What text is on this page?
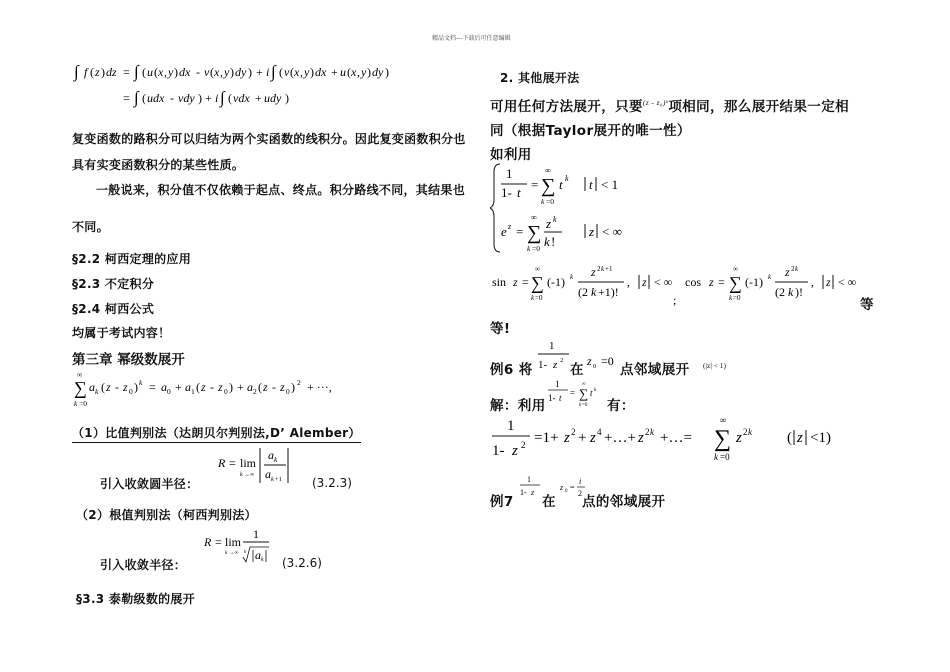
精品文档---下载后可任意编辑
∫ f ( z ) dz = ∫ ( u ( x , y ) dx - v ( x , y ) dy ) + i ∫ ( v ( x , y ) dx + u ( x , y ) dy )
= ∫ ( udx - vdy ) + i ∫ ( vdx + udy )
复变函数的路积分可以归结为两个实函数的线积分。因此复变函数积分也
具有实变函数积分的某些性质。
一般说来，积分值不仅依赖于起点、终点。积分路线不同，其结果也
不同。
§2.2 柯西定理的应用
§2.3 不定积分
§2.4 柯西公式
均属于考试内容！
第三章 幂级数展开
∞
∑
k =0
a k ( z - z 0 ) k = a 0 + a 1 ( z - z 0 ) + a 2 ( z - z 0 ) 2 + ···,
（1）比值判别法（达朗贝尔判别法,D’ Alember）
R = lim
k →∞
a k
a k +1
引入收敛圆半径：	(3.2.3)
（2）根值判别法（柯西判别法）
R = lim
k →∞
1
k a k
引入收敛半径：	(3.2.6)
§3.3 泰勒级数的展开
2. 其他展开法
可用任何方法展开，只要$^{(z - z_0)ᵏ}$项相同，那么展开结果一定相
同（根据Taylor展开的唯一性）
如利用
1
1- t
=
∞
∑
k =0
t k t < 1
e z =
∞
∑
k =0
z k
k !
z < ∞
sin z =
∞
∑
k =0
(-1) k z 2 k +1
(2 k +1)!
, z < ∞
;
cos z =
∞
∑
k =0
(-1) k z 2 k
(2 k )!
, z < ∞
等
等!
例6 将
1
1- z 2
在
z 0 =0
点邻域展开 (|z| < 1)
解：利用
1
1- t =
∞
∑
k =0
t k
有：
1
1- z 2 =1+ z 2 + z 4 +…+ z 2 k +…=
∞
∑
k =0
z 2 k ( z <1)
例7
1
1- z
在
z 0 =
i
2
点的邻域展开
